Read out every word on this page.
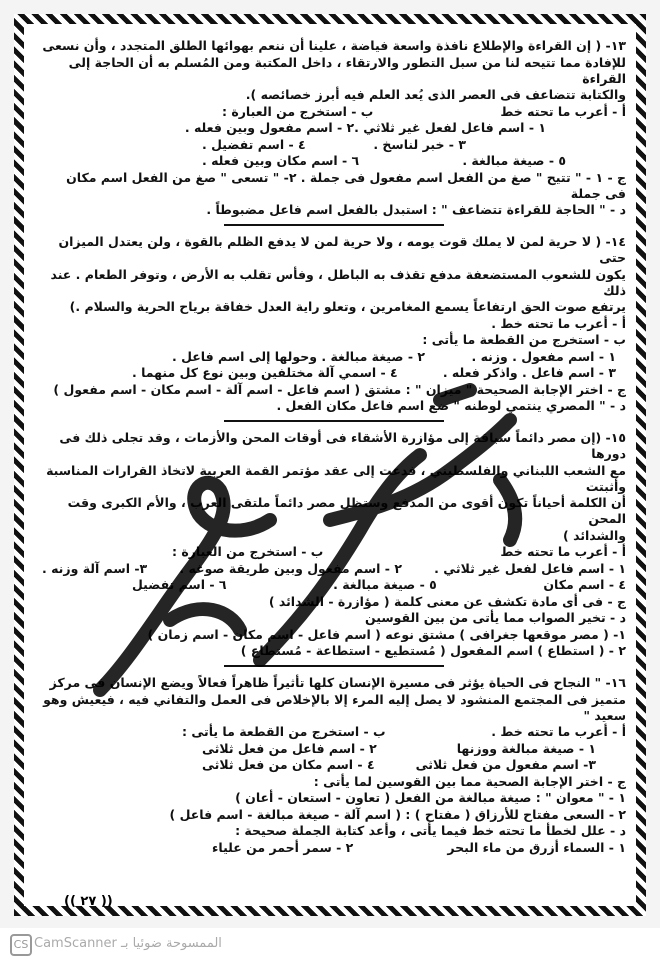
١٣- ( إن القراءة والإطلاع نافذة واسعة فياضة ، علينا أن ننعم بهوائها الطلق المتجدد ، وأن نسعى

للإفادة مما تتيحه لنا من سبل التطور والارتقاء ، داخل المكتبة ومن المُسلم به أن الحاجة إلى القراءة

والكتابة تتضاعف فى العصر الذى يُعد العلم فيه أبرز خصائصه ).

أ - أعرب ما تحته خط
ب - استخرج من العبارة :
١ - اسم فاعل لفعل غير ثلاثي .
٢ - اسم مفعول وبين فعله .
٣ - خبر لناسخ .
٤ - اسم تفضيل .
٥ - صيغة مبالغة .
٦ - اسم مكان وبين فعله .

ج - ١ - " تتيح " صغ من الفعل اسم مفعول فى جملة . ٢- " تسعى " صغ من الفعل اسم مكان فى جملة

د - " الحاجة للقراءة تتضاعف " : استبدل بالفعل اسم فاعل مضبوطاً .

١٤- ( لا حرية لمن لا يملك قوت يومه ، ولا حرية لمن لا يدفع الظلم بالقوة ، ولن يعتدل الميزان حتى

يكون للشعوب المستضعفة مدفع تقذف به الباطل ، وفأس تقلب به الأرض ، وتوفر الطعام . عند ذلك

يرتفع صوت الحق ارتفاعاً يسمع المغامرين ، وتعلو راية العدل خفاقة برياح الحرية والسلام .)

أ - أعرب ما تحته خط .

ب - استخرج من القطعة ما يأتى :

١ - اسم مفعول . وزنه .
٢ - صيغة مبالغة . وحولها إلى اسم فاعل .
٣ - اسم فاعل . واذكر فعله .
٤ - اسمي آلة مختلفين وبين نوع كل منهما .

ج - اختر الإجابة الصحيحة " ميزان " : مشتق ( اسم فاعل - اسم آلة - اسم مكان - اسم مفعول )

د - " المصري ينتمي لوطنه " ضع اسم فاعل مكان الفعل .

١٥- (إن مصر دائماً سباقة إلى مؤازرة الأشقاء فى أوقات المحن والأزمات ، وقد تجلى ذلك فى دورها

مع الشعب اللبناني والفلسطيني ، فدعت إلى عقد مؤتمر القمة العربية لاتخاذ القرارات المناسبة وأثبتت

أن الكلمة أحياناً تكون أقوى من المدفع وستظل مصر دائماً ملتقى العرب ، والأم الكبرى وقت المحن

والشدائد )

أ - أعرب ما تحته خط
ب - استخرج من العبارة :
١ - اسم فاعل لفعل غير ثلاثي .
٢ - اسم مفعول وبين طريقة صوغه .
٣- اسم آلة وزنه .
٤ - اسم مكان
٥ - صيغة مبالغة .
٦ - اسم تفضيل

ج - فى أى مادة تكشف عن معنى كلمة ( مؤازرة - الشدائد )

د - تخير الصواب مما يأتى من بين القوسين

١- ( مصر موقعها جغرافى ) مشتق نوعه ( اسم فاعل - اسم مكان - اسم زمان )

٢ - ( استطاع ) اسم المفعول ( مُستطيع - استطاعة - مُستطاع )

١٦- " النجاح فى الحياة يؤثر فى مسيرة الإنسان كلها تأثيراً ظاهراً فعالاً ويضع الإنسان فى مركز

متميز فى المجتمع المنشود لا يصل إليه المرء إلا بالإخلاص فى العمل والتفاني فيه ، فيعيش وهو سعيد "

أ - أعرب ما تحته خط .
ب - استخرج من القطعة ما يأتى :
١ - صيغة مبالغة ووزنها
٢ - اسم فاعل من فعل ثلاثى
٣- اسم مفعول من فعل ثلاثى
٤ - اسم مكان من فعل ثلاثى

ج - اختر الإجابة الصحية مما بين القوسين لما يأتى :

١ - " معوان " : صيغة مبالغة من الفعل ( تعاون - استعان - أعان )

٢ - السعى مفتاح للأرزاق ( مفتاح ) : ( اسم آلة - صيغة مبالغة - اسم فاعل )

د - علل لخطأ ما تحته خط فيما يأتى ، وأعد كتابة الجملة صحيحة :

١ - السماء أزرق من ماء البحر
٢ - سمر أحمر من علياء
(( ٢٧ ))
CS الممسوحة ضوئيا بـ CamScanner
